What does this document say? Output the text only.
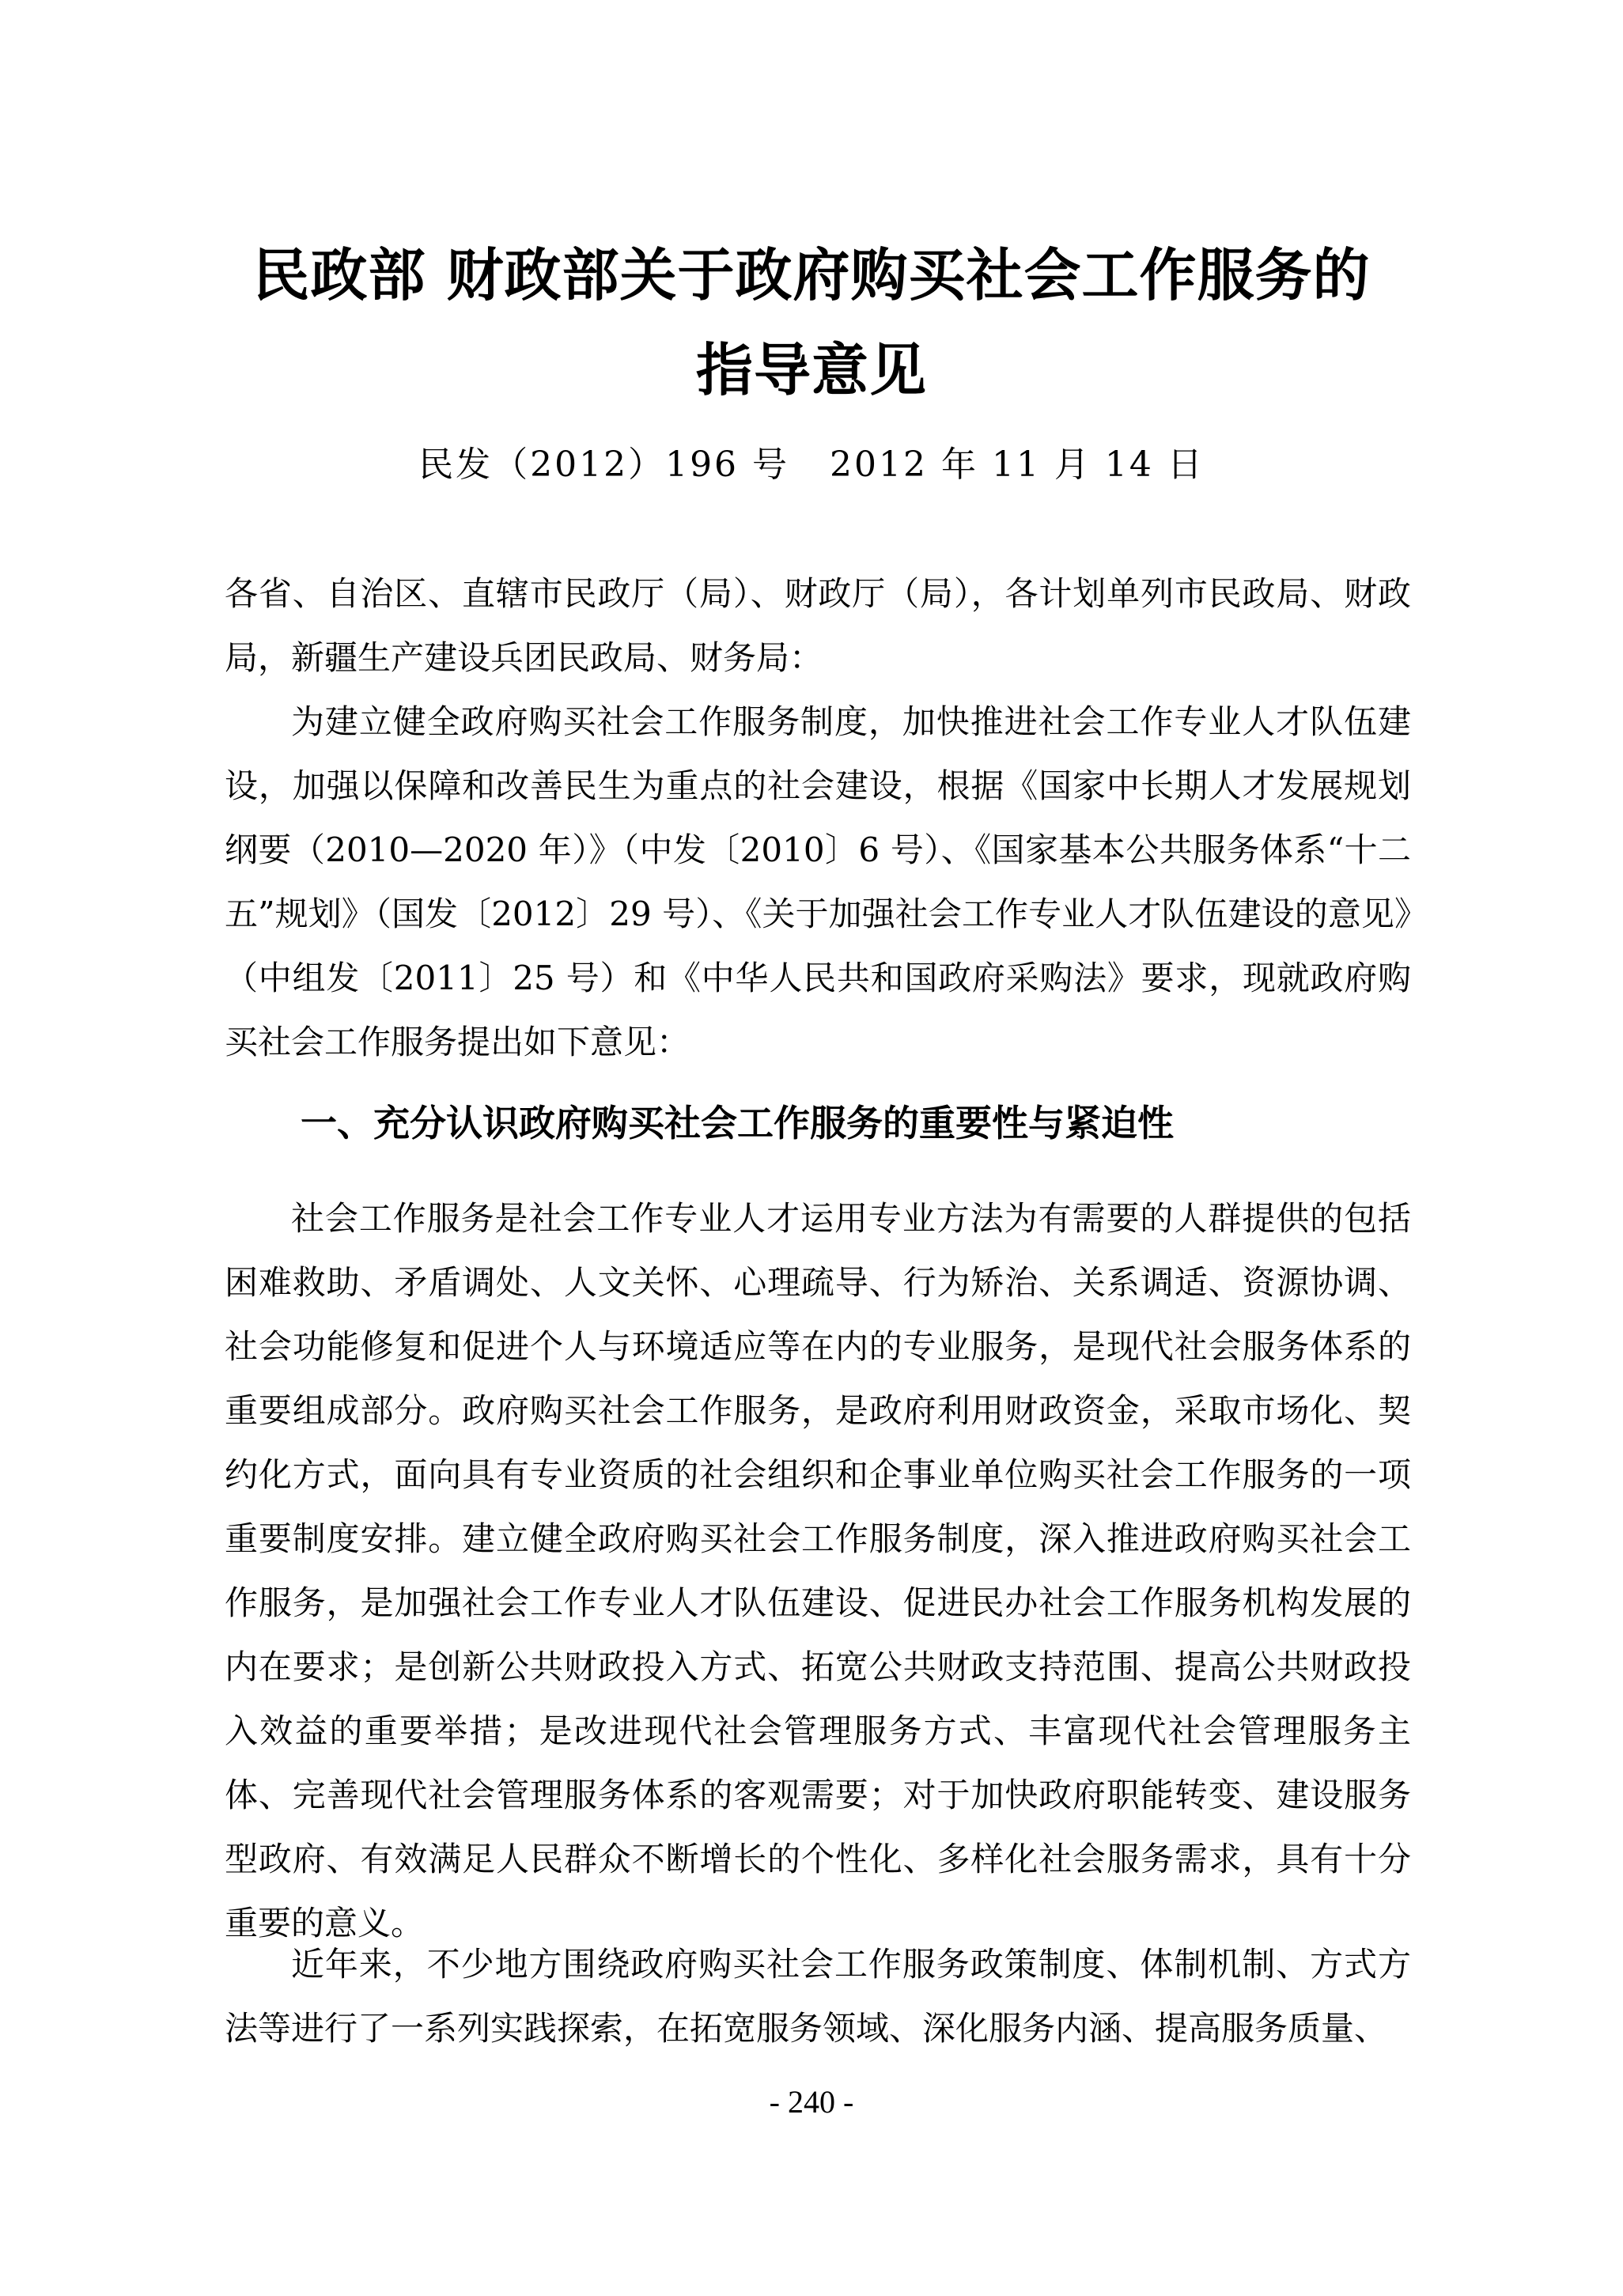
民政部 财政部关于政府购买社会工作服务的
指导意见
民发（2012）196 号   2012 年 11 月 14 日

各省、自治区、直辖市民政厅（局）、财政厅（局），各计划单列市民政局、财政局，新疆生产建设兵团民政局、财务局：

为建立健全政府购买社会工作服务制度，加快推进社会工作专业人才队伍建设，加强以保障和改善民生为重点的社会建设，根据《国家中长期人才发展规划纲要（2010—2020 年）》（中发〔2010〕6 号）、《国家基本公共服务体系“十二五”规划》（国发〔2012〕29 号）、《关于加强社会工作专业人才队伍建设的意见》（中组发〔2011〕25 号）和《中华人民共和国政府采购法》要求，现就政府购买社会工作服务提出如下意见：

一、充分认识政府购买社会工作服务的重要性与紧迫性

社会工作服务是社会工作专业人才运用专业方法为有需要的人群提供的包括困难救助、矛盾调处、人文关怀、心理疏导、行为矫治、关系调适、资源协调、社会功能修复和促进个人与环境适应等在内的专业服务，是现代社会服务体系的重要组成部分。政府购买社会工作服务，是政府利用财政资金，采取市场化、契约化方式，面向具有专业资质的社会组织和企事业单位购买社会工作服务的一项重要制度安排。建立健全政府购买社会工作服务制度，深入推进政府购买社会工作服务，是加强社会工作专业人才队伍建设、促进民办社会工作服务机构发展的内在要求；是创新公共财政投入方式、拓宽公共财政支持范围、提高公共财政投入效益的重要举措；是改进现代社会管理服务方式、丰富现代社会管理服务主体、完善现代社会管理服务体系的客观需要；对于加快政府职能转变、建设服务型政府、有效满足人民群众不断增长的个性化、多样化社会服务需求，具有十分重要的意义。

近年来，不少地方围绕政府购买社会工作服务政策制度、体制机制、方式方法等进行了一系列实践探索，在拓宽服务领域、深化服务内涵、提高服务质量、

- 240 -
